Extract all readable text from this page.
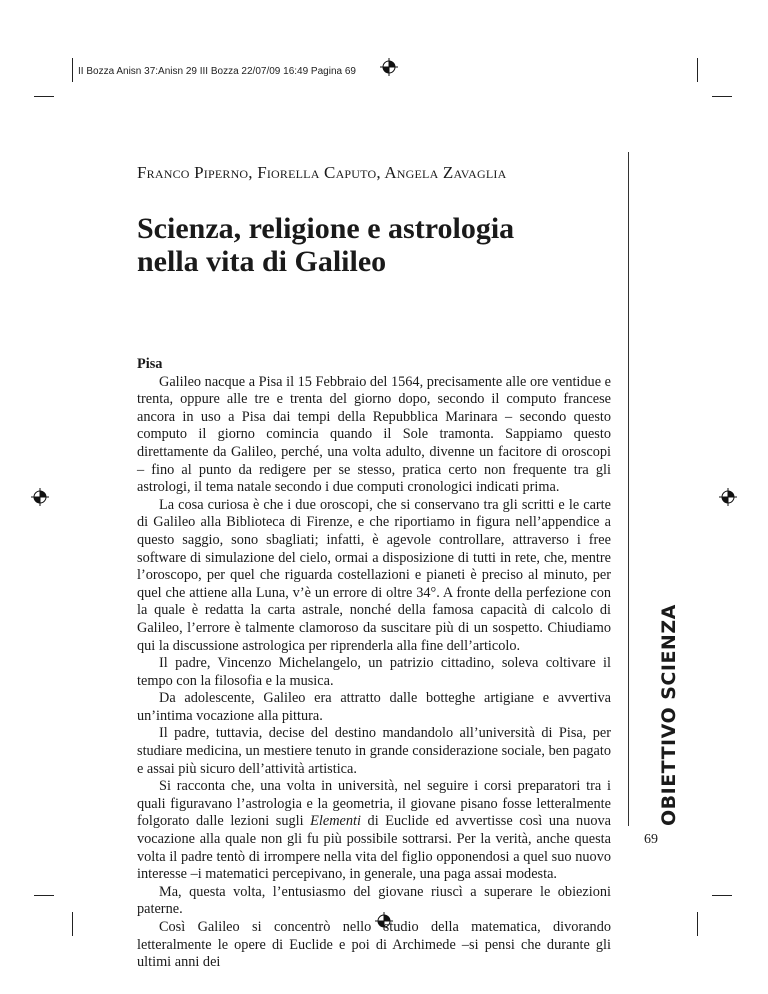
II Bozza Anisn 37:Anisn 29 III Bozza 22/07/09 16:49 Pagina 69
Franco Piperno, Fiorella Caputo, Angela Zavaglia
Scienza, religione e astrologia nella vita di Galileo
Pisa

Galileo nacque a Pisa il 15 Febbraio del 1564, precisamente alle ore ventidue e trenta, oppure alle tre e trenta del giorno dopo, secondo il computo francese ancora in uso a Pisa dai tempi della Repubblica Marinara – secondo questo computo il giorno comincia quando il Sole tramonta. Sappiamo questo direttamente da Galileo, perché, una volta adulto, divenne un facitore di oroscopi – fino al punto da redigere per se stesso, pratica certo non frequente tra gli astrologi, il tema natale secondo i due computi cronologici indicati prima.

La cosa curiosa è che i due oroscopi, che si conservano tra gli scritti e le carte di Galileo alla Biblioteca di Firenze, e che riportiamo in figura nell’appendice a questo saggio, sono sbagliati; infatti, è agevole controllare, attraverso i free software di simulazione del cielo, ormai a disposizione di tutti in rete, che, mentre l’oroscopo, per quel che riguarda costellazioni e pianeti è preciso al minuto, per quel che attiene alla Luna, v’è un errore di oltre 34°. A fronte della perfezione con la quale è redatta la carta astrale, nonché della famosa capacità di calcolo di Galileo, l’errore è talmente clamoroso da suscitare più di un sospetto. Chiudiamo qui la discussione astrologica per riprenderla alla fine dell’articolo.

Il padre, Vincenzo Michelangelo, un patrizio cittadino, soleva coltivare il tempo con la filosofia e la musica.

Da adolescente, Galileo era attratto dalle botteghe artigiane e avvertiva un’intima vocazione alla pittura.

Il padre, tuttavia, decise del destino mandandolo all’università di Pisa, per studiare medicina, un mestiere tenuto in grande considerazione sociale, ben pagato e assai più sicuro dell’attività artistica.

Si racconta che, una volta in università, nel seguire i corsi preparatori tra i quali figuravano l’astrologia e la geometria, il giovane pisano fosse letteralmente folgorato dalle lezioni sugli Elementi di Euclide ed avvertisse così una nuova vocazione alla quale non gli fu più possibile sottrarsi. Per la verità, anche questa volta il padre tentò di irrompere nella vita del figlio opponendosi a quel suo nuovo interesse –i matematici percepivano, in generale, una paga assai modesta.

Ma, questa volta, l’entusiasmo del giovane riuscì a superare le obiezioni paterne.

Così Galileo si concentrò nello studio della matematica, divorando letteralmente le opere di Euclide e poi di Archimede –si pensi che durante gli ultimi anni dei

OBIETTIVO SCIENZA
69
